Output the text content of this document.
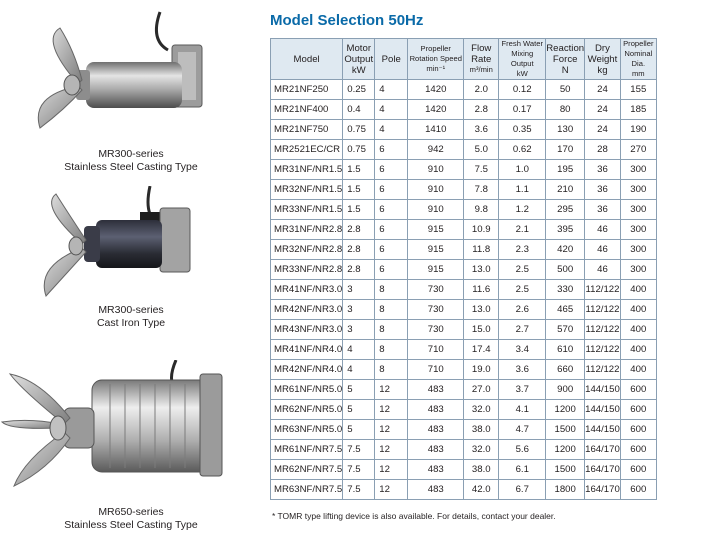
MR300-series
Stainless Steel Casting Type
MR300-series
Cast Iron Type
MR650-series
Stainless Steel Casting Type
Model Selection 50Hz
Model	Motor
Output
kW	Pole	Propeller
Rotation Speed
min⁻¹	Flow
Rate
m³/min	Fresh Water
Mixing Output
kW	Reaction
Force
N	Dry
Weight
kg	Propeller
Nominal Dia.
mm

MR21NF250	0.25	4	1420	2.0	0.12	50	24	155
MR21NF400	0.4	4	1420	2.8	0.17	80	24	185
MR21NF750	0.75	4	1410	3.6	0.35	130	24	190
MR2521EC/CR	0.75	6	942	5.0	0.62	170	28	270
MR31NF/NR1.5	1.5	6	910	7.5	1.0	195	36	300
MR32NF/NR1.5	1.5	6	910	7.8	1.1	210	36	300
MR33NF/NR1.5	1.5	6	910	9.8	1.2	295	36	300
MR31NF/NR2.8	2.8	6	915	10.9	2.1	395	46	300
MR32NF/NR2.8	2.8	6	915	11.8	2.3	420	46	300
MR33NF/NR2.8	2.8	6	915	13.0	2.5	500	46	300
MR41NF/NR3.0	3	8	730	11.6	2.5	330	112/122	400
MR42NF/NR3.0	3	8	730	13.0	2.6	465	112/122	400
MR43NF/NR3.0	3	8	730	15.0	2.7	570	112/122	400
MR41NF/NR4.0	4	8	710	17.4	3.4	610	112/122	400
MR42NF/NR4.0	4	8	710	19.0	3.6	660	112/122	400
MR61NF/NR5.0	5	12	483	27.0	3.7	900	144/150	600
MR62NF/NR5.0	5	12	483	32.0	4.1	1200	144/150	600
MR63NF/NR5.0	5	12	483	38.0	4.7	1500	144/150	600
MR61NF/NR7.5	7.5	12	483	32.0	5.6	1200	164/170	600
MR62NF/NR7.5	7.5	12	483	38.0	6.1	1500	164/170	600
MR63NF/NR7.5	7.5	12	483	42.0	6.7	1800	164/170	600
* TOMR type lifting device is also available. For details, contact your dealer.
